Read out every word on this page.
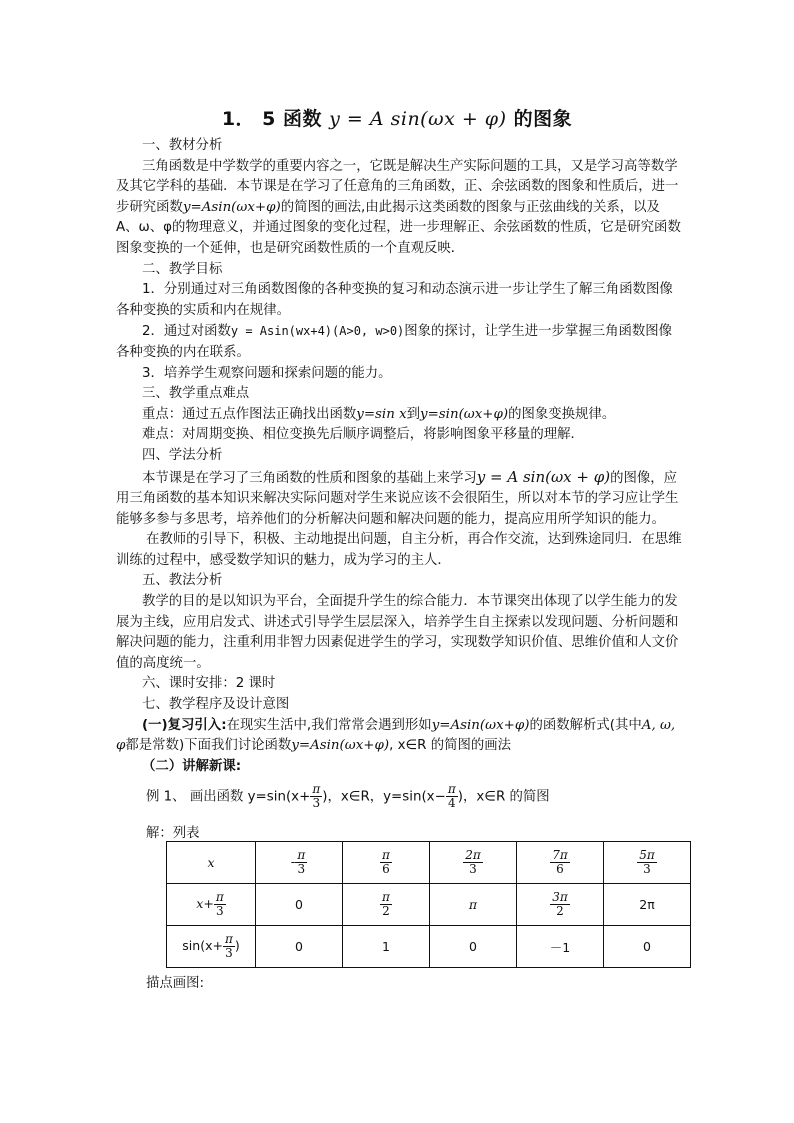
1． 5 函数 y = A sin(ωx + φ) 的图象

一、教材分析

三角函数是中学数学的重要内容之一，它既是解决生产实际问题的工具，又是学习高等数学及其它学科的基础．本节课是在学习了任意角的三角函数，正、余弦函数的图象和性质后，进一步研究函数y=Asin(ωx+φ)的简图的画法,由此揭示这类函数的图象与正弦曲线的关系，以及 A、ω、φ的物理意义，并通过图象的变化过程，进一步理解正、余弦函数的性质，它是研究函数图象变换的一个延伸，也是研究函数性质的一个直观反映．

二、教学目标

1．分别通过对三角函数图像的各种变换的复习和动态演示进一步让学生了解三角函数图像各种变换的实质和内在规律。

2．通过对函数y = Asin(wx+4)(A>0, w>0)图象的探讨，让学生进一步掌握三角函数图像各种变换的内在联系。

3．培养学生观察问题和探索问题的能力。

三、教学重点难点

重点：通过五点作图法正确找出函数y=sin x到y=sin(ωx+φ)的图象变换规律。

难点：对周期变换、相位变换先后顺序调整后，将影响图象平移量的理解．

四、学法分析

本节课是在学习了三角函数的性质和图象的基础上来学习y = A sin(ωx + φ)的图像，应用三角函数的基本知识来解决实际问题对学生来说应该不会很陌生，所以对本节的学习应让学生能够多参与多思考，培养他们的分析解决问题和解决问题的能力，提高应用所学知识的能力。

在教师的引导下，积极、主动地提出问题，自主分析，再合作交流，达到殊途同归．在思维训练的过程中，感受数学知识的魅力，成为学习的主人．

五、教法分析

教学的目的是以知识为平台，全面提升学生的综合能力．本节课突出体现了以学生能力的发展为主线，应用启发式、讲述式引导学生层层深入，培养学生自主探索以发现问题、分析问题和解决问题的能力，注重利用非智力因素促进学生的学习，实现数学知识价值、思维价值和人文价值的高度统一。

六、课时安排：2 课时

七、教学程序及设计意图

(一)复习引入:在现实生活中,我们常常会遇到形如y=Asin(ωx+φ)的函数解析式(其中A, ω, φ都是常数)下面我们讨论函数y=Asin(ωx+φ), x∈R 的简图的画法

（二）讲解新课:

例 1、 画出函数 $y=\sin(x+ \frac{\pi}{3}$ )，x∈R，$y=\sin(x- \frac{\pi}{4}$ )，x∈R 的简图

解：列表
x	- $\frac{\pi}{3}$	$\frac{\pi}{6}$	$\frac{2\pi}{3}$	$\frac{7\pi}{6}$	$\frac{5\pi}{3}$

$x+ \frac{\pi}{3}$	0	$\frac{\pi}{2}$	π	$\frac{3\pi}{2}$	2π
$\sin(x+ \frac{\pi}{3}$ )	0	1	0	－1	0
描点画图:
